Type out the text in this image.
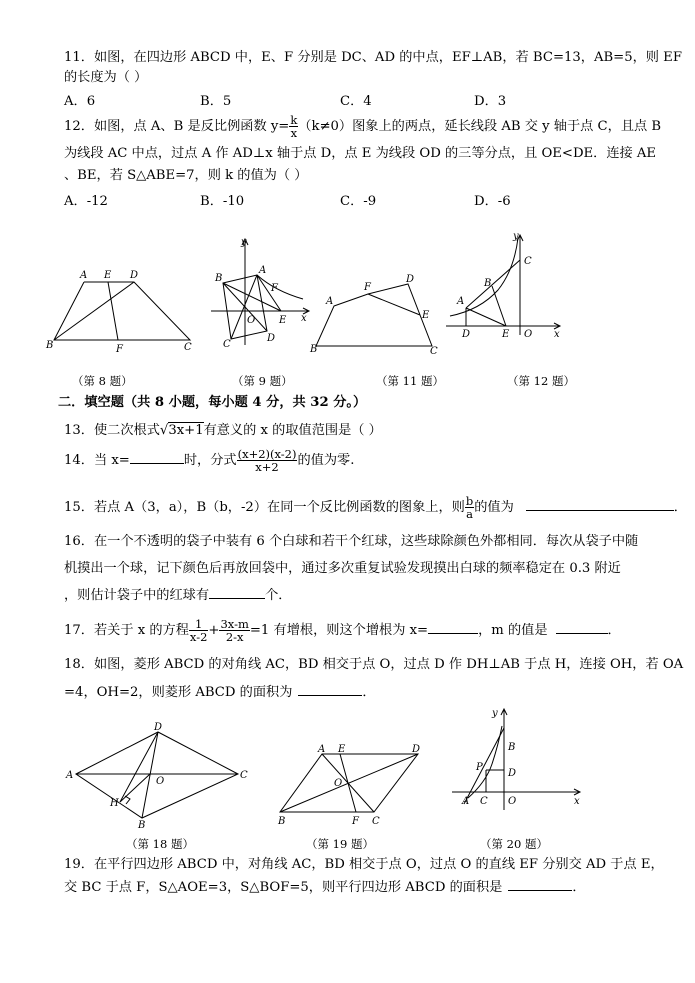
11．如图，在四边形 ABCD 中，E、F 分别是 DC、AD 的中点，EF⊥AB，若 BC=13，AB=5，则 EF
的长度为（ ）
A．6	B．5	C．4	D．3
12．如图，点 A、B 是反比例函数 $y= \frac{k}{x} (k\ne 0)$图象上的两点，延长线段 AB 交 y 轴于点 C，且点 B
为线段 AC 中点，过点 A 作 AD⊥x 轴于点 D，点 E 为线段 OD 的三等分点，且 OE<DE．连接 AE
、BE，若 S△ABE=7，则 k 的值为（ ）
A．-12	B．-10	C．-9	D．-6
A E D
B	F	C
y
B
A
F
O E x
C
D
D
F
A
E
B	C
y
C
B
A
D	E O x
（第 8 题）	（第 9 题）	（第 11 题）	（第 12 题）
二．填空题（共 8 小题，每小题 4 分，共 32 分。）
13．使二次根式√3x+1有意义的 x 的取值范围是（ ）
14．当 x=	时，分式 $\frac{(x+2)(x-2)}{x+2}$ 的值为零.
15．若点 A（3，a），B（b，-2）在同一个反比例函数的图象上，则 $\frac{b}{a}$ 的值为	．
16．在一个不透明的袋子中装有 6 个白球和若干个红球，这些球除颜色外都相同．每次从袋子中随
机摸出一个球，记下颜色后再放回袋中，通过多次重复试验发现摸出白球的频率稳定在 0.3 附近
，则估计袋子中的红球有	个．
17．若关于 x 的方程 $\frac{1}{x-2} + \frac{3x-m}{2-x} =1$ 有增根，则这个增根为 x=	，m 的值是	．
18．如图，菱形 ABCD 的对角线 AC，BD 相交于点 O，过点 D 作 DH⊥AB 于点 H，连接 OH，若 OA
=4，OH=2，则菱形 ABCD 的面积为	．
D
A
O
C
H
B
A E	D
O
B	F C
y
B
P
D
A C O	x
（第 18 题）	（第 19 题）	（第 20 题）
19．在平行四边形 ABCD 中，对角线 AC，BD 相交于点 O，过点 O 的直线 EF 分别交 AD 于点 E，
交 BC 于点 F，S△AOE=3，S△BOF=5，则平行四边形 ABCD 的面积是	．
